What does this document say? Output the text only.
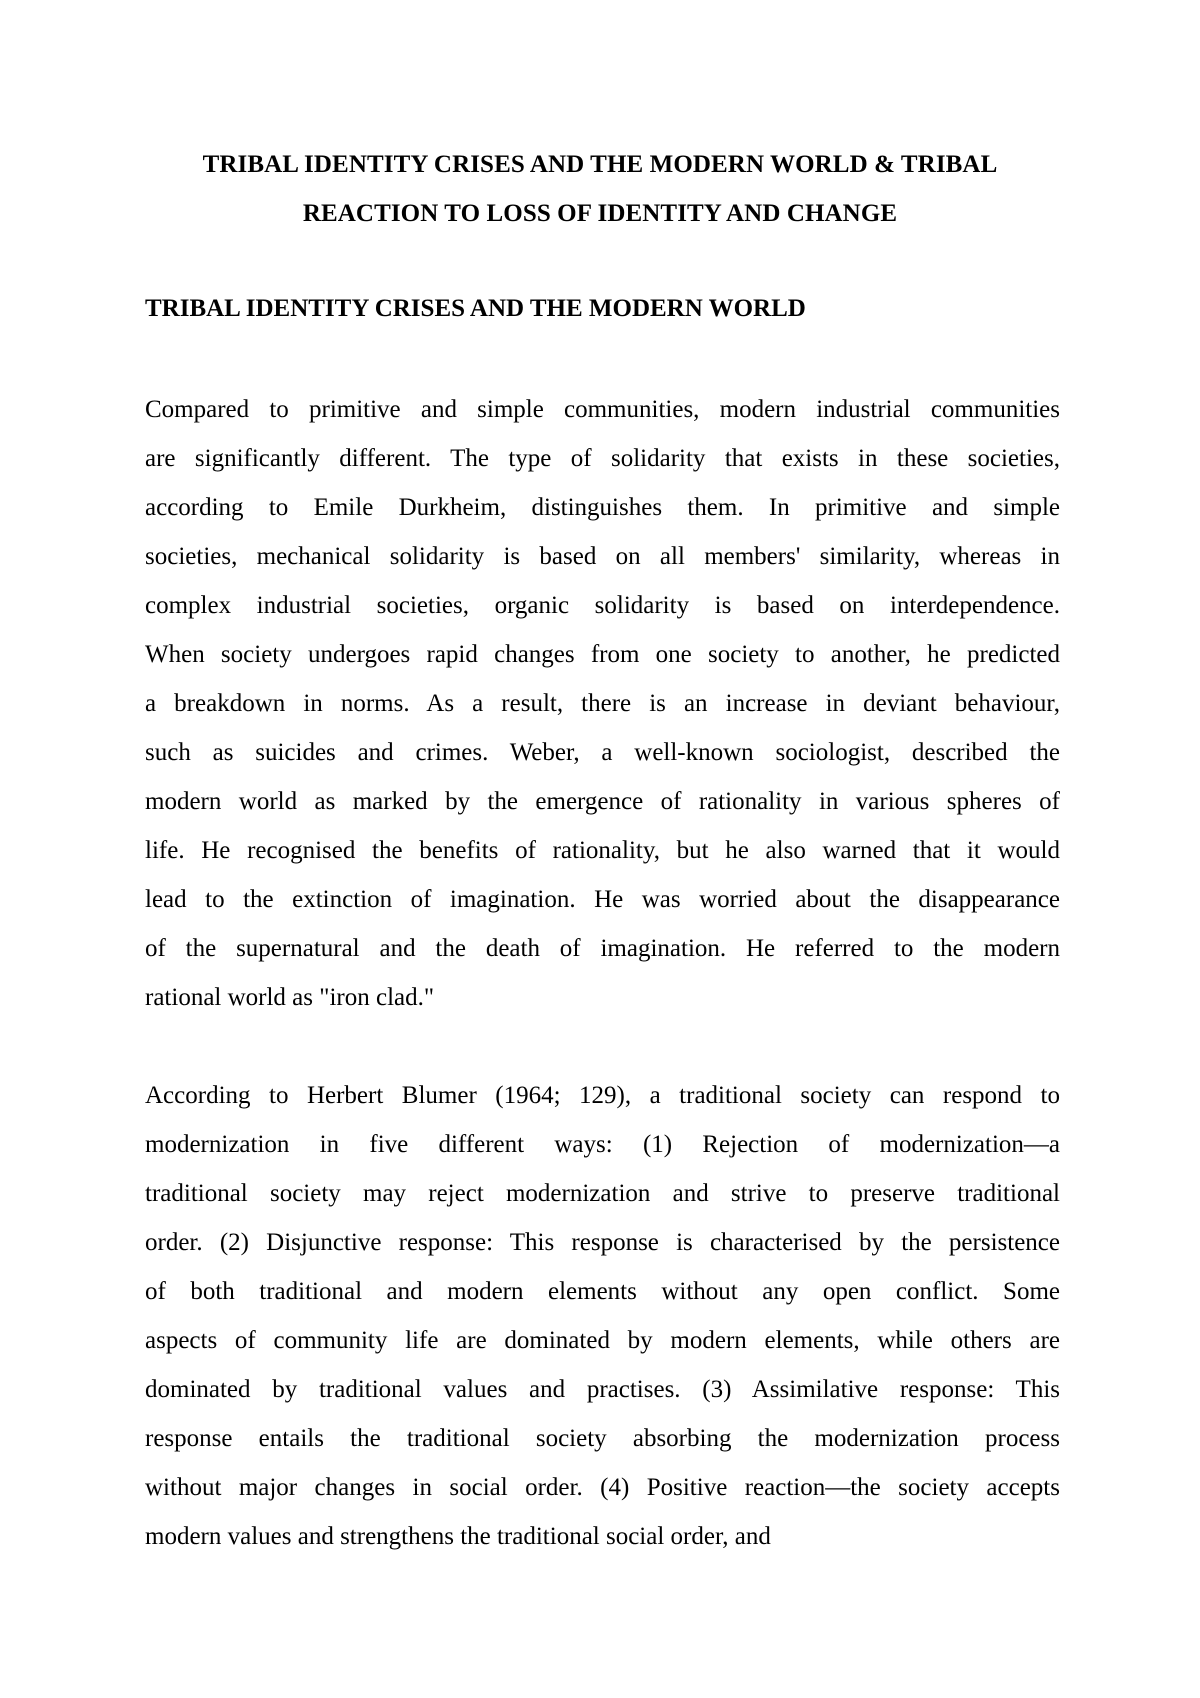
TRIBAL IDENTITY CRISES AND THE MODERN WORLD & TRIBAL
REACTION TO LOSS OF IDENTITY AND CHANGE
TRIBAL IDENTITY CRISES AND THE MODERN WORLD
Compared to primitive and simple communities, modern industrial communities
are significantly different. The type of solidarity that exists in these societies,
according to Emile Durkheim, distinguishes them. In primitive and simple
societies, mechanical solidarity is based on all members' similarity, whereas in
complex industrial societies, organic solidarity is based on interdependence.
When society undergoes rapid changes from one society to another, he predicted
a breakdown in norms. As a result, there is an increase in deviant behaviour,
such as suicides and crimes. Weber, a well-known sociologist, described the
modern world as marked by the emergence of rationality in various spheres of
life. He recognised the benefits of rationality, but he also warned that it would
lead to the extinction of imagination. He was worried about the disappearance
of the supernatural and the death of imagination. He referred to the modern
rational world as "iron clad."
According to Herbert Blumer (1964; 129), a traditional society can respond to
modernization in five different ways: (1) Rejection of modernization—a
traditional society may reject modernization and strive to preserve traditional
order. (2) Disjunctive response: This response is characterised by the persistence
of both traditional and modern elements without any open conflict. Some
aspects of community life are dominated by modern elements, while others are
dominated by traditional values and practises. (3) Assimilative response: This
response entails the traditional society absorbing the modernization process
without major changes in social order. (4) Positive reaction—the society accepts
modern values and strengthens the traditional social order, and
